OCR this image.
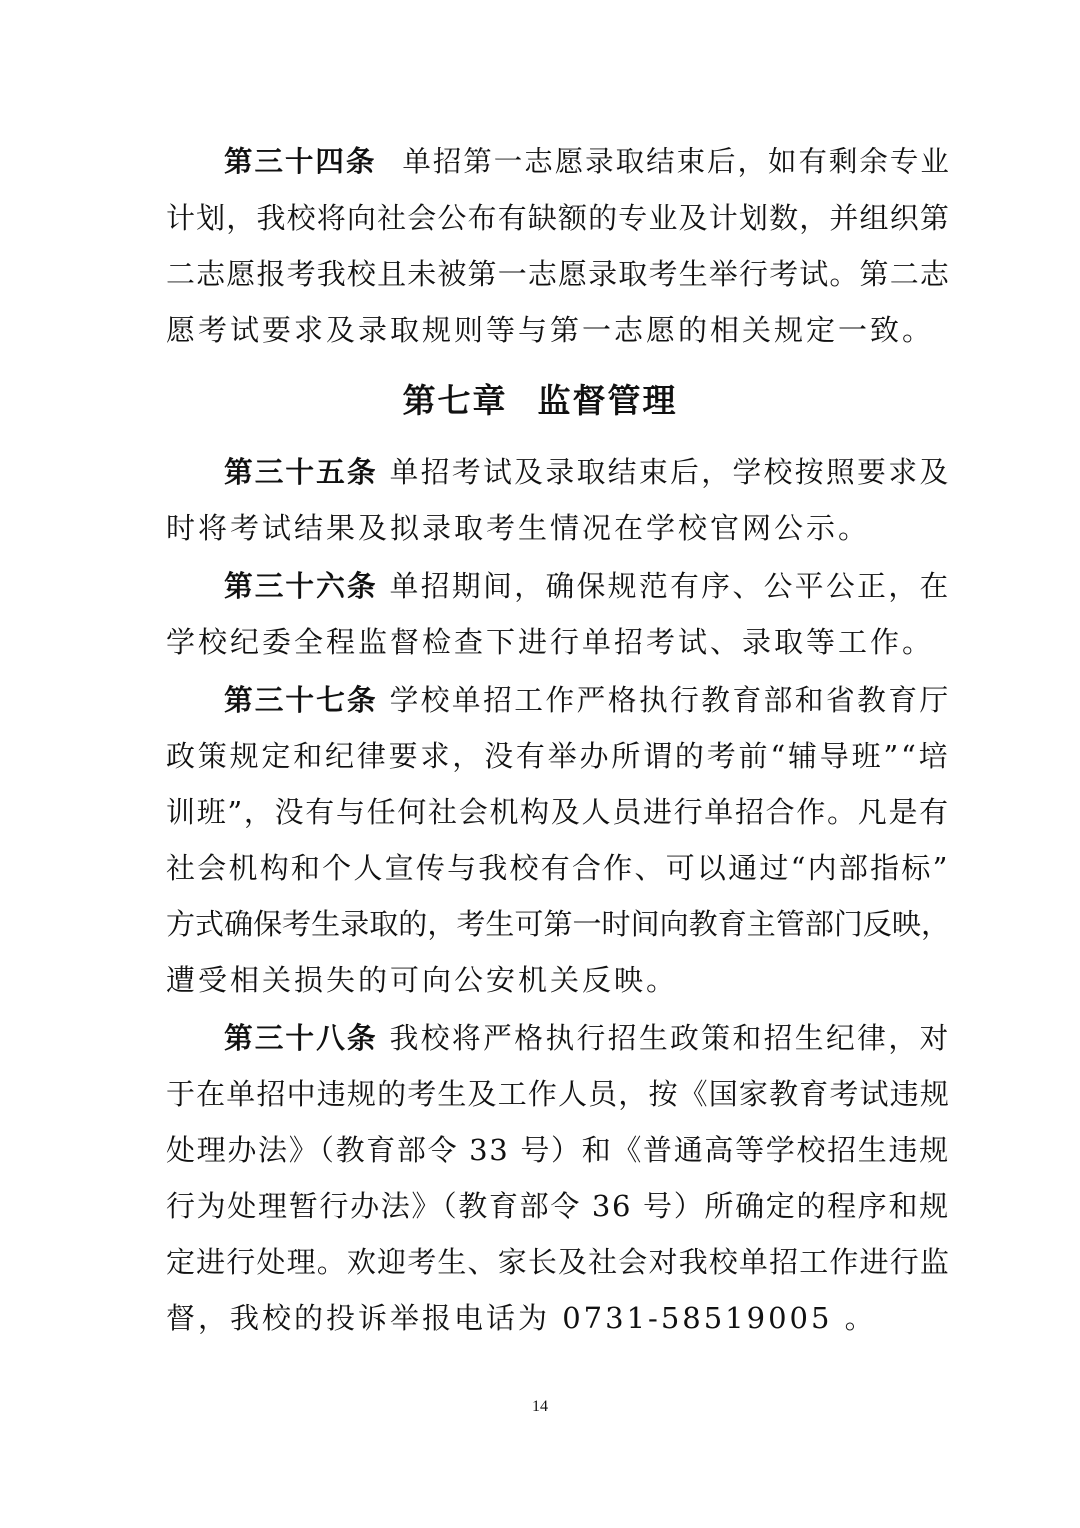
第三十四条 单招第一志愿录取结束后，如有剩余专业
计划，我校将向社会公布有缺额的专业及计划数，并组织第
二志愿报考我校且未被第一志愿录取考生举行考试。第二志
愿考试要求及录取规则等与第一志愿的相关规定一致。
第七章 监督管理
第三十五条 单招考试及录取结束后，学校按照要求及
时将考试结果及拟录取考生情况在学校官网公示。
第三十六条 单招期间，确保规范有序、公平公正，在
学校纪委全程监督检查下进行单招考试、录取等工作。
第三十七条 学校单招工作严格执行教育部和省教育厅
政策规定和纪律要求，没有举办所谓的考前“辅导班”“培
训班”，没有与任何社会机构及人员进行单招合作。凡是有
社会机构和个人宣传与我校有合作、可以通过“内部指标”
方式确保考生录取的，考生可第一时间向教育主管部门反映，
遭受相关损失的可向公安机关反映。
第三十八条 我校将严格执行招生政策和招生纪律，对
于在单招中违规的考生及工作人员，按《国家教育考试违规
处理办法》（教育部令 33 号）和《普通高等学校招生违规
行为处理暂行办法》（教育部令 36 号）所确定的程序和规
定进行处理。欢迎考生、家长及社会对我校单招工作进行监
督，我校的投诉举报电话为 0731-58519005 。
14
